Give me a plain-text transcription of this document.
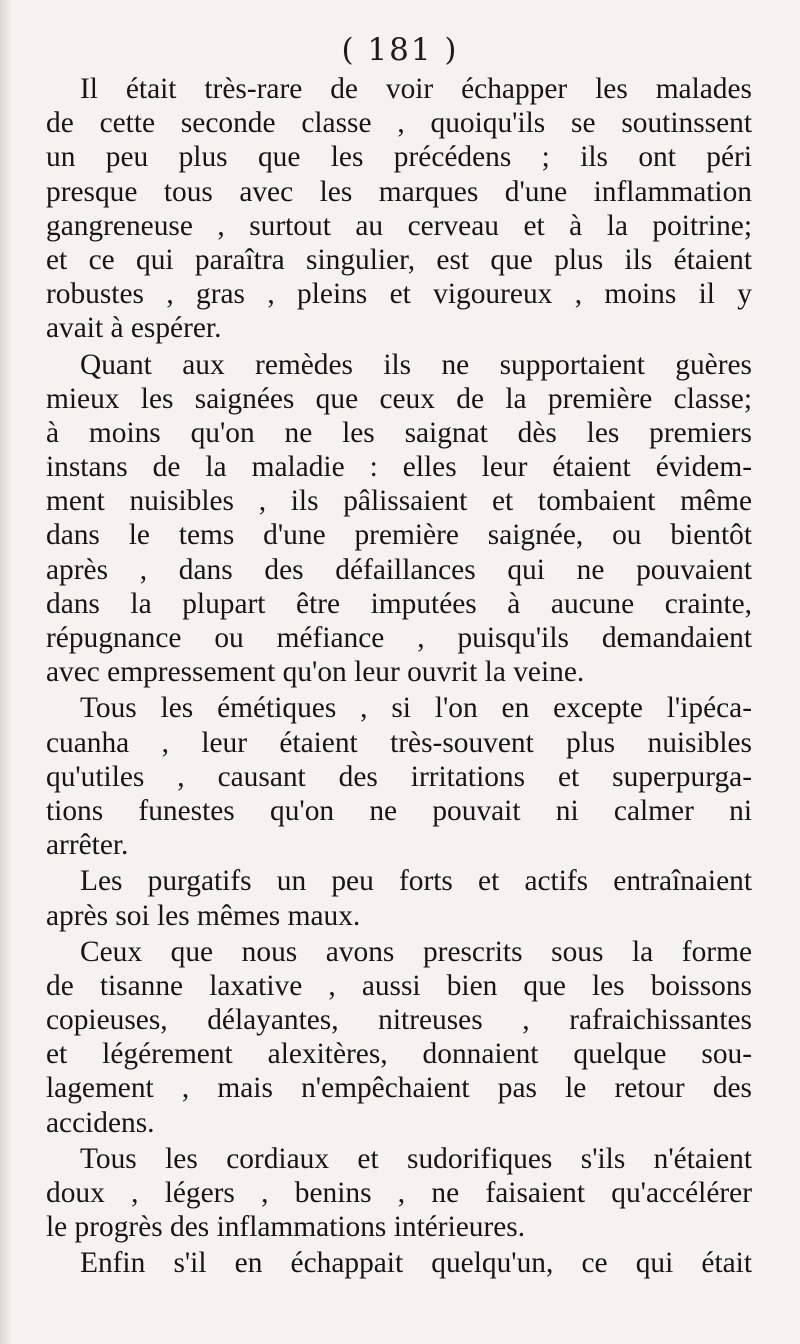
( 181 )
Il était très-rare de voir échapper les malades
de cette seconde classe , quoiqu'ils se soutinssent
un peu plus que les précédens ; ils ont péri
presque tous avec les marques d'une inflammation
gangreneuse , surtout au cerveau et à la poitrine;
et ce qui paraîtra singulier, est que plus ils étaient
robustes , gras , pleins et vigoureux , moins il y
avait à espérer.
Quant aux remèdes ils ne supportaient guères
mieux les saignées que ceux de la première classe;
à moins qu'on ne les saignat dès les premiers
instans de la maladie : elles leur étaient évidem-
ment nuisibles , ils pâlissaient et tombaient même
dans le tems d'une première saignée, ou bientôt
après , dans des défaillances qui ne pouvaient
dans la plupart être imputées à aucune crainte,
répugnance ou méfiance , puisqu'ils demandaient
avec empressement qu'on leur ouvrit la veine.
Tous les émétiques , si l'on en excepte l'ipéca-
cuanha , leur étaient très-souvent plus nuisibles
qu'utiles , causant des irritations et superpurga-
tions funestes qu'on ne pouvait ni calmer ni
arrêter.
Les purgatifs un peu forts et actifs entraînaient
après soi les mêmes maux.
Ceux que nous avons prescrits sous la forme
de tisanne laxative , aussi bien que les boissons
copieuses, délayantes, nitreuses , rafraichissantes
et légérement alexitères, donnaient quelque sou-
lagement , mais n'empêchaient pas le retour des
accidens.
Tous les cordiaux et sudorifiques s'ils n'étaient
doux , légers , benins , ne faisaient qu'accélérer
le progrès des inflammations intérieures.
Enfin s'il en échappait quelqu'un, ce qui était
